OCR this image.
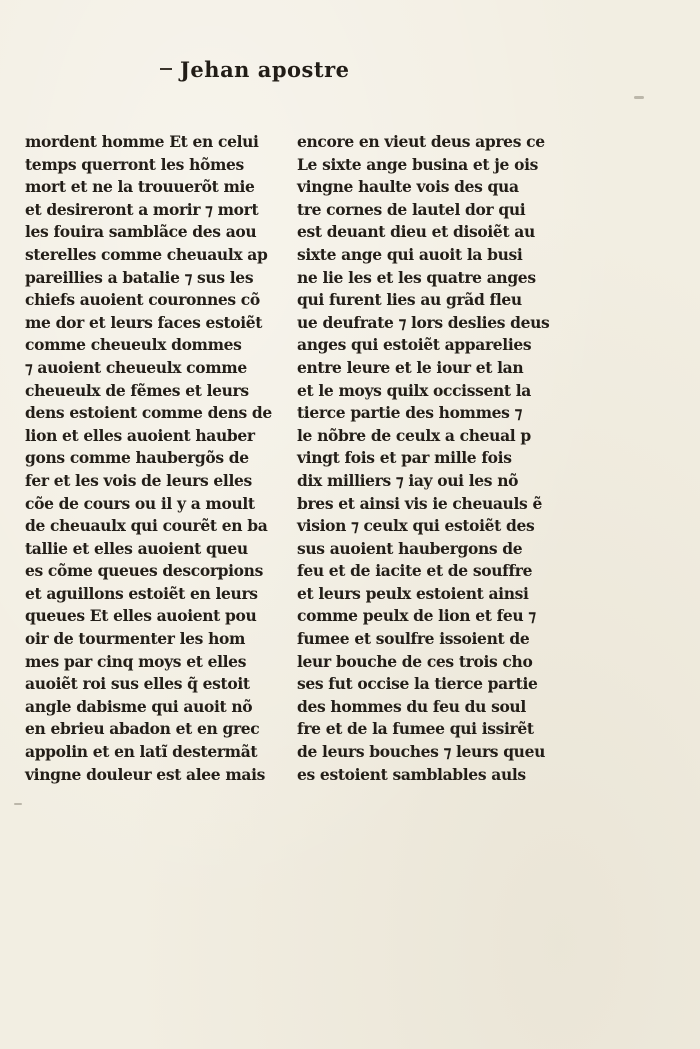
Jehan apostre
mordent homme Et en celui
temps querront les hõmes
mort et ne la trouuerõt mie
et desireront a morir ⁊ mort
les fouira samblãce des aou
sterelles comme cheuaulx ap
pareillies a batalie ⁊ sus les
chiefs auoient couronnes cõ
me dor et leurs faces estoiẽt
comme cheueulx dommes
⁊ auoient cheueulx comme
cheueulx de fẽmes et leurs
dens estoient comme dens de
lion et elles auoient hauber
gons comme haubergõs de
fer et les vois de leurs elles
cõe de cours ou il y a moult
de cheuaulx qui courẽt en ba
tallie et elles auoient queu
es cõme queues descorpions
et aguillons estoiẽt en leurs
queues Et elles auoient pou
oir de tourmenter les hom
mes par cinq moys et elles
auoiẽt roi sus elles q̃ estoit
angle dabisme qui auoit nõ
en ebrieu abadon et en grec
appolin et en latĩ destermãt
vingne douleur est alee mais
encore en vieut deus apres ce
Le sixte ange busina et je ois
vingne haulte vois des qua
tre cornes de lautel dor qui
est deuant dieu et disoiẽt au
sixte ange qui auoit la busi
ne lie les et les quatre anges
qui furent lies au grãd fleu
ue deufrate ⁊ lors deslies deus
anges qui estoiẽt apparelies
entre leure et le iour et lan
et le moys quilx occissent la
tierce partie des hommes ⁊
le nõbre de ceulx a cheual p
vingt fois et par mille fois
dix milliers ⁊ iay oui les nõ
bres et ainsi vis ie cheuauls ẽ
vision ⁊ ceulx qui estoiẽt des
sus auoient haubergons de
feu et de iacite et de souffre
et leurs peulx estoient ainsi
comme peulx de lion et feu ⁊
fumee et soulfre issoient de
leur bouche de ces trois cho
ses fut occise la tierce partie
des hommes du feu du soul
fre et de la fumee qui issirẽt
de leurs bouches ⁊ leurs queu
es estoient samblables auls
